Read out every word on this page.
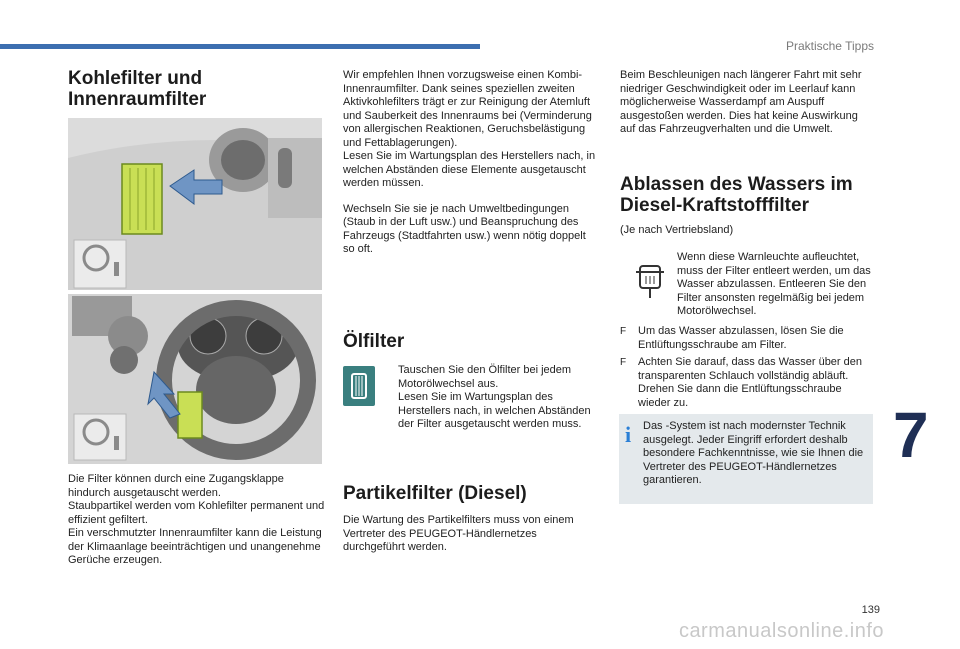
Praktische Tipps
Kohlefilter und
Innenraumfilter
Die Filter können durch eine Zugangsklappe hindurch ausgetauscht werden.
Staubpartikel werden vom Kohlefilter permanent und effizient gefiltert.
Ein verschmutzter Innenraumfilter kann die Leistung der Klimaanlage beeinträchtigen und unangenehme Gerüche erzeugen.
Wir empfehlen Ihnen vorzugsweise einen Kombi-Innenraumfilter. Dank seines speziellen zweiten Aktivkohlefilters trägt er zur Reinigung der Atemluft und Sauberkeit des Innenraums bei (Verminderung von allergischen Reaktionen, Geruchsbelästigung und Fettablagerungen).
Lesen Sie im Wartungsplan des Herstellers nach, in welchen Abständen diese Elemente ausgetauscht werden müssen.
Wechseln Sie sie je nach Umweltbedingungen (Staub in der Luft usw.) und Beanspruchung des Fahrzeugs (Stadtfahrten usw.) wenn nötig doppelt so oft.
Ölfilter
Tauschen Sie den Ölfilter bei jedem Motorölwechsel aus.
Lesen Sie im Wartungsplan des Herstellers nach, in welchen Abständen der Filter ausgetauscht werden muss.
Partikelfilter (Diesel)
Die Wartung des Partikelfilters muss von einem Vertreter des PEUGEOT-Händlernetzes durchgeführt werden.
Beim Beschleunigen nach längerer Fahrt mit sehr niedriger Geschwindigkeit oder im Leerlauf kann möglicherweise Wasserdampf am Auspuff ausgestoßen werden. Dies hat keine Auswirkung auf das Fahrzeugverhalten und die Umwelt.
Ablassen des Wassers im
Diesel-Kraftstofffilter
(Je nach Vertriebsland)
Wenn diese Warnleuchte aufleuchtet, muss der Filter entleert werden, um das Wasser abzulassen. Entleeren Sie den Filter ansonsten regelmäßig bei jedem Motorölwechsel.
F	Um das Wasser abzulassen, lösen Sie die Entlüftungsschraube am Filter.
F	Achten Sie darauf, dass das Wasser über den transparenten Schlauch vollständig abläuft. Drehen Sie dann die Entlüftungsschraube wieder zu.
i Das -System ist nach modernster Technik ausgelegt. Jeder Eingriff erfordert deshalb besondere Fachkenntnisse, wie sie Ihnen die Vertreter des PEUGEOT-Händlernetzes garantieren.
7
139
carmanualsonline.info
